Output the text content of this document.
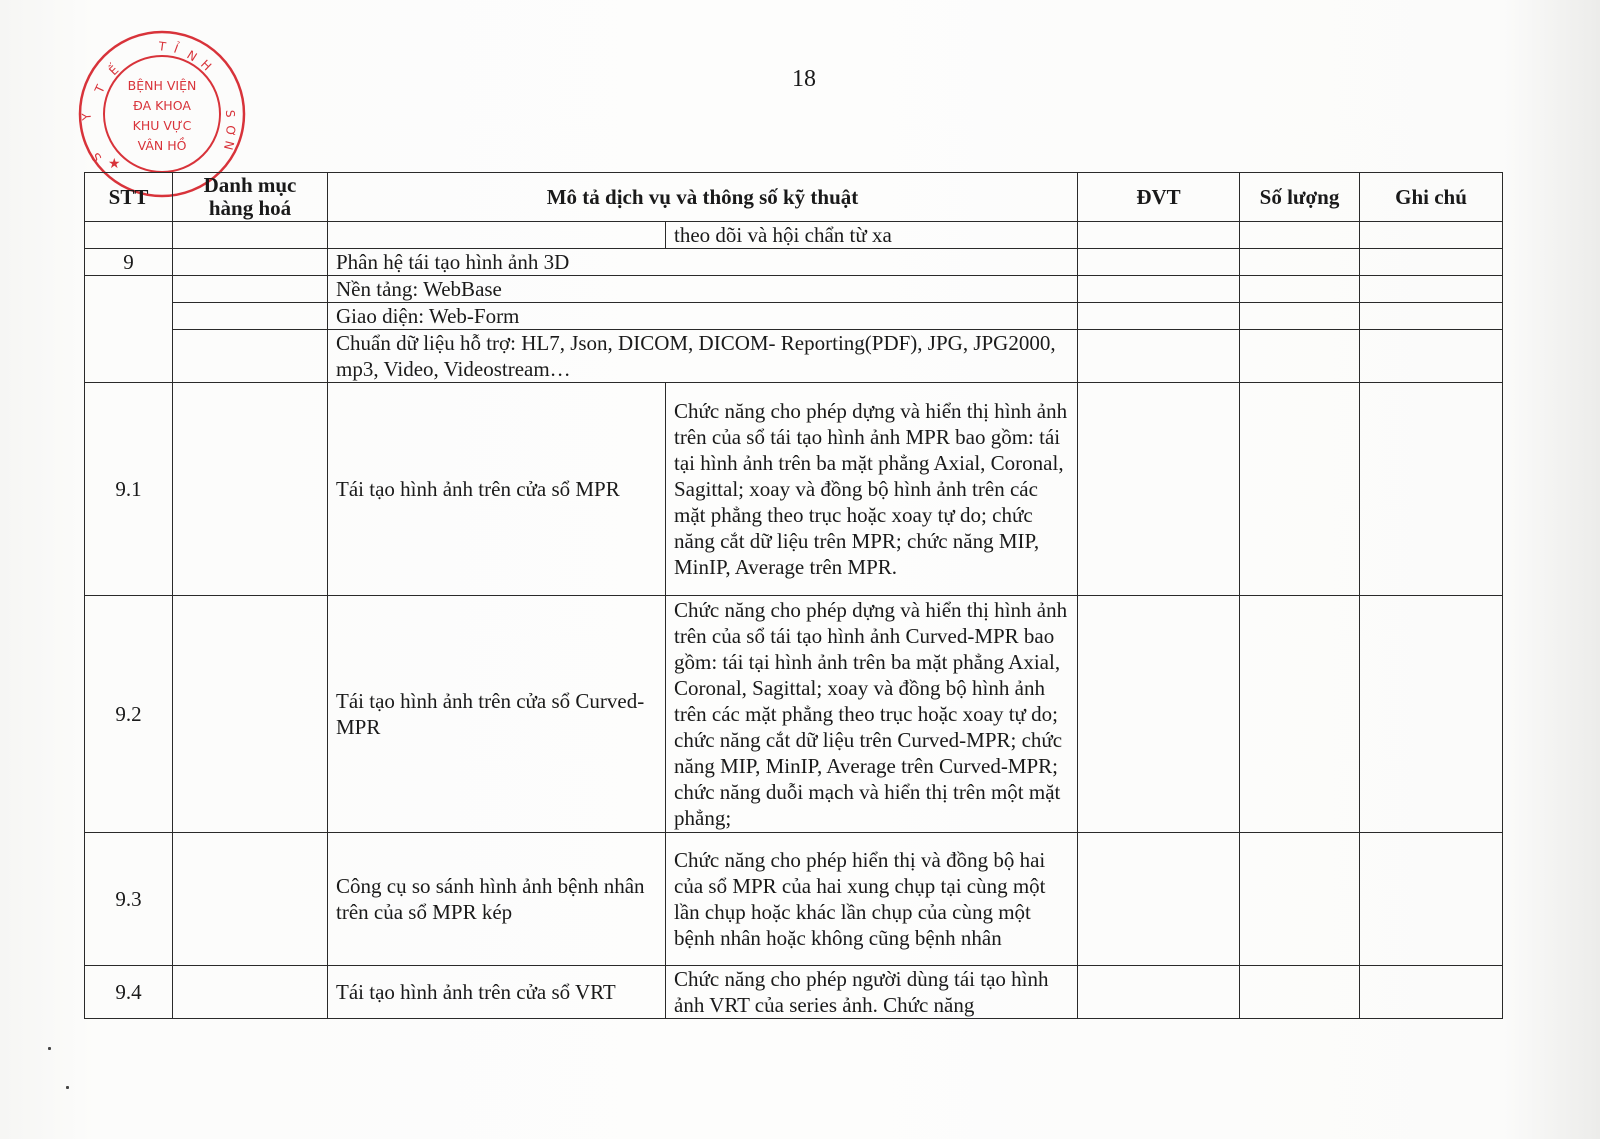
18
T Ỉ N
H
S
Ơ
N
Ế
T
Y
S ★
BỆNH VIỆN
ĐA KHOA
KHU VỰC
VÂN HỒ
STT	Danh mục hàng hoá	Mô tả dịch vụ và thông số kỹ thuật		ĐVT	Số lượng	Ghi chú
			theo dõi và hội chẩn từ xa			
9		Phân hệ tái tạo hình ảnh 3D				
		Nền tảng: WebBase				
		Giao diện: Web-Form				
		Chuẩn dữ liệu hỗ trợ: HL7, Json, DICOM, DICOM- Reporting(PDF), JPG, JPG2000, mp3, Video, Videostream…				
9.1		Tái tạo hình ảnh trên cửa sổ MPR	Chức năng cho phép dựng và hiển thị hình ảnh trên của sổ tái tạo hình ảnh MPR bao gồm: tái tại hình ảnh trên ba mặt phẳng Axial, Coronal, Sagittal; xoay và đồng bộ hình ảnh trên các mặt phẳng theo trục hoặc xoay tự do; chức năng cắt dữ liệu trên MPR; chức năng MIP, MinIP, Average trên MPR.			
9.2		Tái tạo hình ảnh trên cửa sổ Curved-MPR	Chức năng cho phép dựng và hiển thị hình ảnh trên của sổ tái tạo hình ảnh Curved-MPR bao gồm: tái tại hình ảnh trên ba mặt phẳng Axial, Coronal, Sagittal; xoay và đồng bộ hình ảnh trên các mặt phẳng theo trục hoặc xoay tự do; chức năng cắt dữ liệu trên Curved-MPR; chức năng MIP, MinIP, Average trên Curved-MPR; chức năng duỗi mạch và hiển thị trên một mặt phẳng;			
9.3		Công cụ so sánh hình ảnh bệnh nhân trên của sổ MPR kép	Chức năng cho phép hiển thị và đồng bộ hai của sổ MPR của hai xung chụp tại cùng một lần chụp hoặc khác lần chụp của cùng một bệnh nhân hoặc không cũng bệnh nhân			
9.4		Tái tạo hình ảnh trên cửa sổ VRT	Chức năng cho phép người dùng tái tạo hình ảnh VRT của series ảnh. Chức năng			
